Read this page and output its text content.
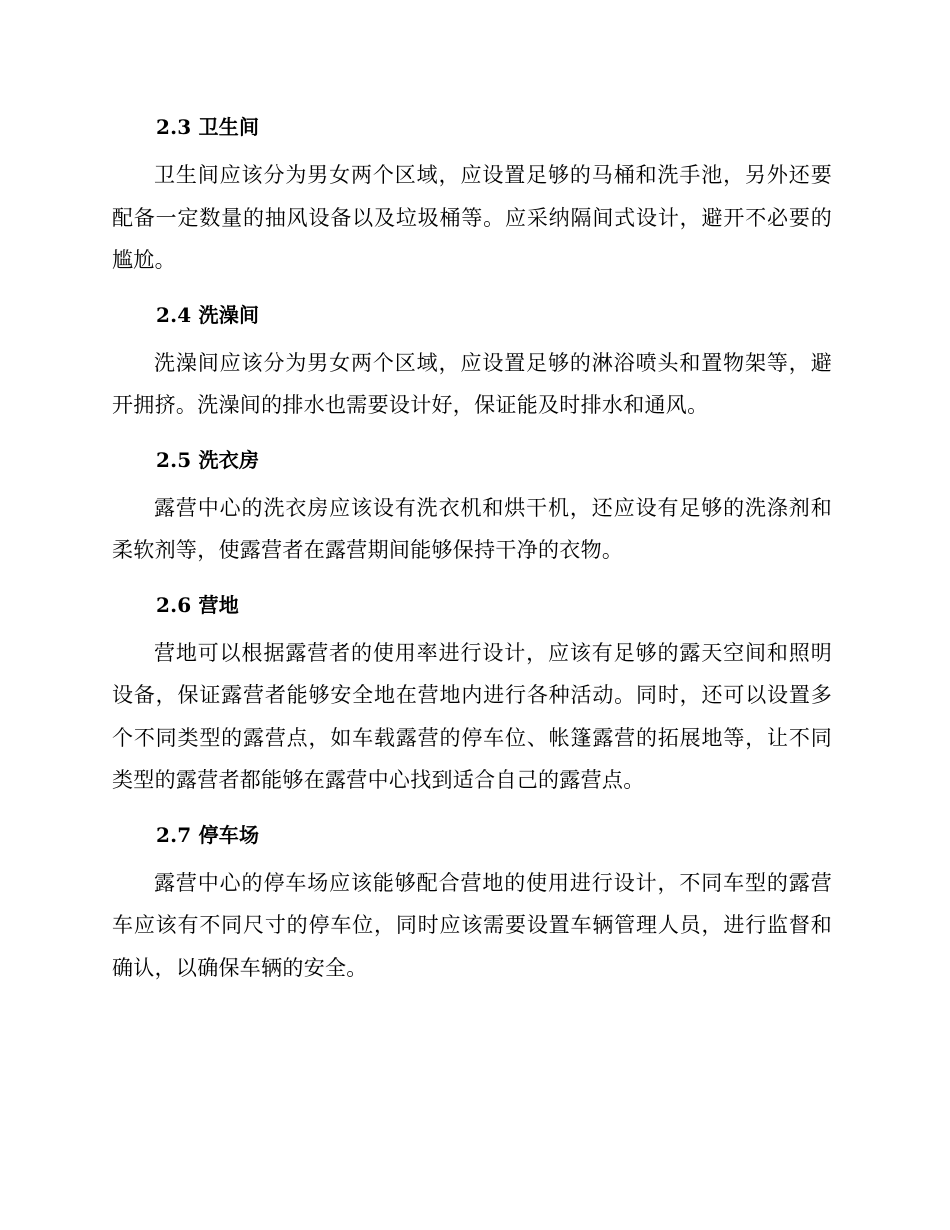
2.3 卫生间

卫生间应该分为男女两个区域，应设置足够的马桶和洗手池，另外还要配备一定数量的抽风设备以及垃圾桶等。应采纳隔间式设计，避开不必要的尴尬。

2.4 洗澡间

洗澡间应该分为男女两个区域，应设置足够的淋浴喷头和置物架等，避开拥挤。洗澡间的排水也需要设计好，保证能及时排水和通风。

2.5 洗衣房

露营中心的洗衣房应该设有洗衣机和烘干机，还应设有足够的洗涤剂和柔软剂等，使露营者在露营期间能够保持干净的衣物。

2.6 营地

营地可以根据露营者的使用率进行设计，应该有足够的露天空间和照明设备，保证露营者能够安全地在营地内进行各种活动。同时，还可以设置多个不同类型的露营点，如车载露营的停车位、帐篷露营的拓展地等，让不同类型的露营者都能够在露营中心找到适合自己的露营点。

2.7 停车场

露营中心的停车场应该能够配合营地的使用进行设计，不同车型的露营车应该有不同尺寸的停车位，同时应该需要设置车辆管理人员，进行监督和确认，以确保车辆的安全。
